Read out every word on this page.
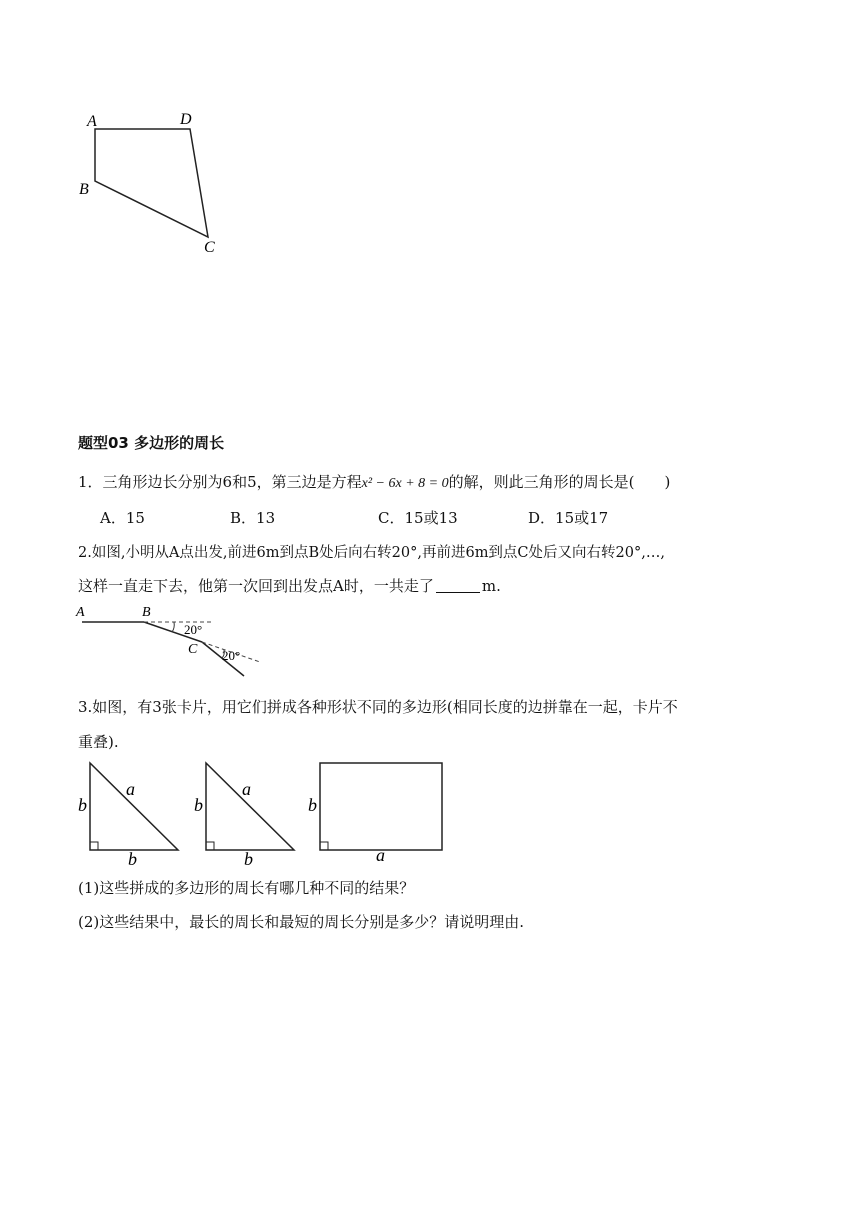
A	D
B
C
题型03 多边形的周长
1．三角形边长分别为6和5，第三边是方程x² − 6x + 8 = 0的解，则此三角形的周长是(　　)
A．15	B．13	C．15或13	D．15或17
2.如图,小明从A点出发,前进6m到点B处后向右转20°,再前进6m到点C处后又向右转20°,…,
这样一直走下去，他第一次回到出发点A时，一共走了	m.
A	B
C
20°
20°
3.如图，有3张卡片，用它们拼成各种形状不同的多边形(相同长度的边拼靠在一起，卡片不
重叠).
a
b
b
a
b
b
b
a
(1)这些拼成的多边形的周长有哪几种不同的结果？
(2)这些结果中，最长的周长和最短的周长分别是多少？请说明理由.
